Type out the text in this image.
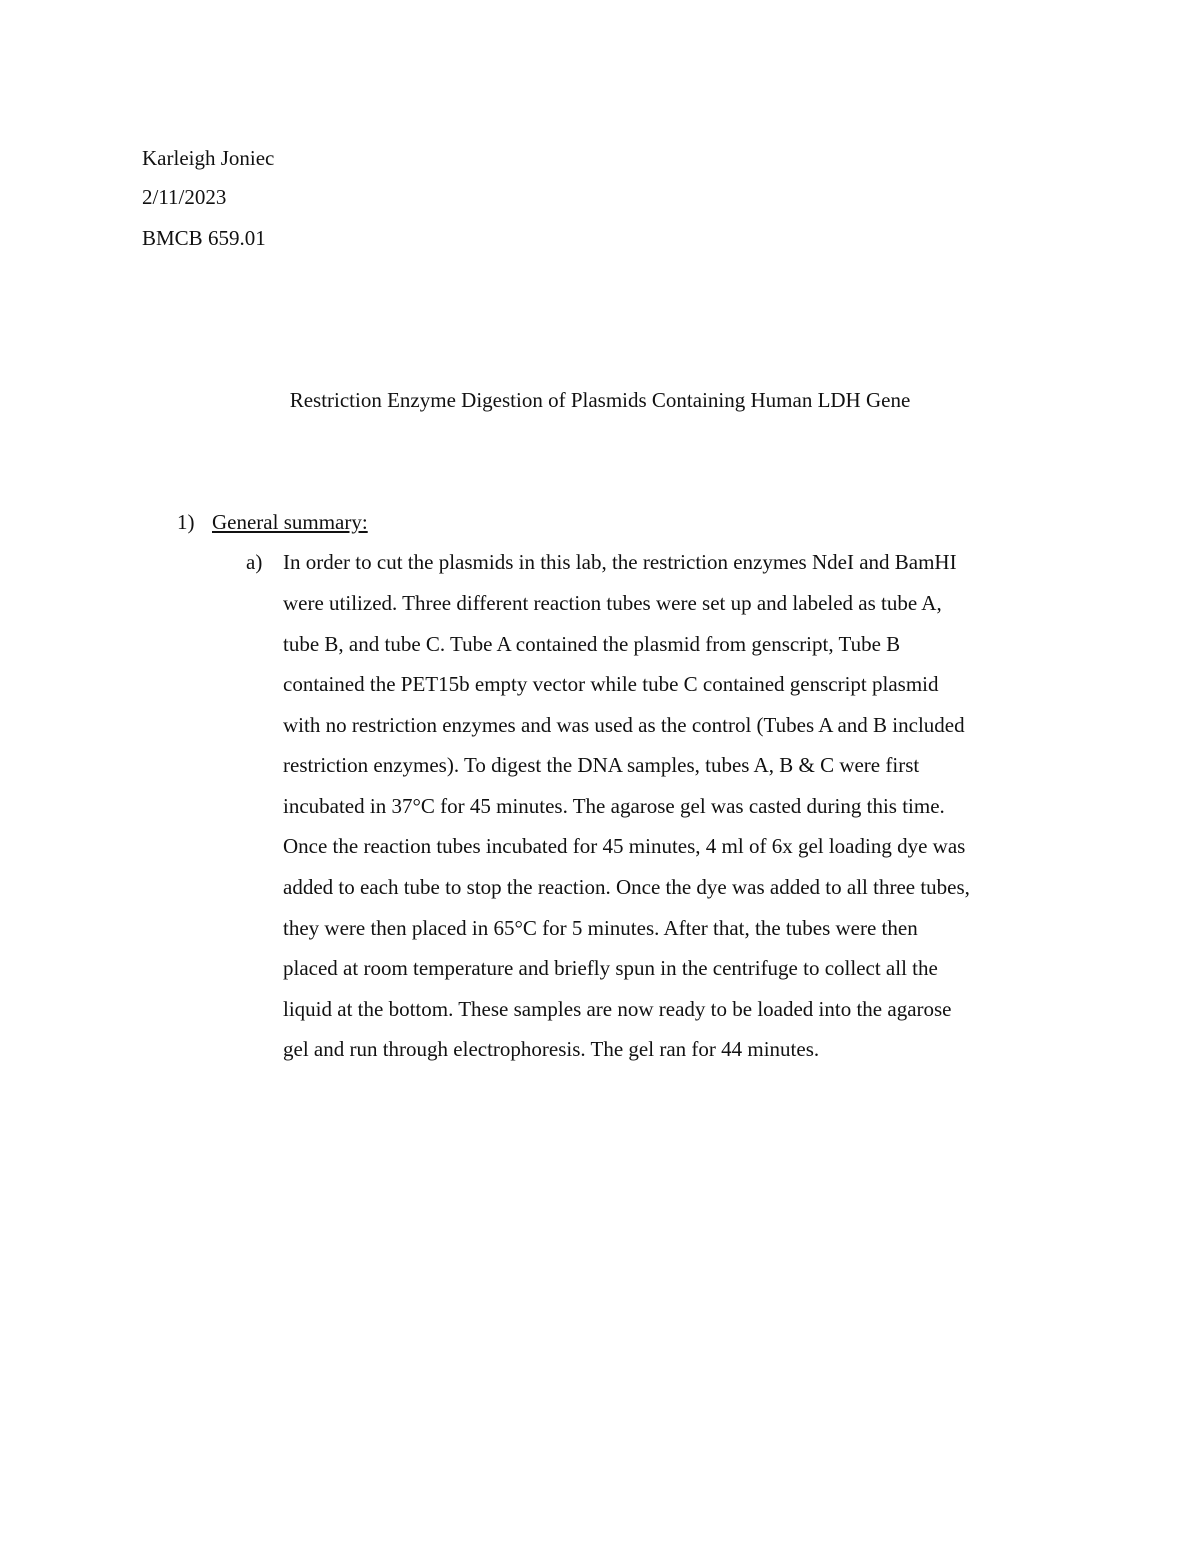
Karleigh Joniec
2/11/2023
BMCB 659.01
Restriction Enzyme Digestion of Plasmids Containing Human LDH Gene
1) General summary:
a) In order to cut the plasmids in this lab, the restriction enzymes NdeI and BamHI
were utilized. Three different reaction tubes were set up and labeled as tube A,
tube B, and tube C. Tube A contained the plasmid from genscript, Tube B
contained the PET15b empty vector while tube C contained genscript plasmid
with no restriction enzymes and was used as the control (Tubes A and B included
restriction enzymes). To digest the DNA samples, tubes A, B & C were first
incubated in 37°C for 45 minutes. The agarose gel was casted during this time.
Once the reaction tubes incubated for 45 minutes, 4 ml of 6x gel loading dye was
added to each tube to stop the reaction. Once the dye was added to all three tubes,
they were then placed in 65°C for 5 minutes. After that, the tubes were then
placed at room temperature and briefly spun in the centrifuge to collect all the
liquid at the bottom. These samples are now ready to be loaded into the agarose
gel and run through electrophoresis. The gel ran for 44 minutes.
